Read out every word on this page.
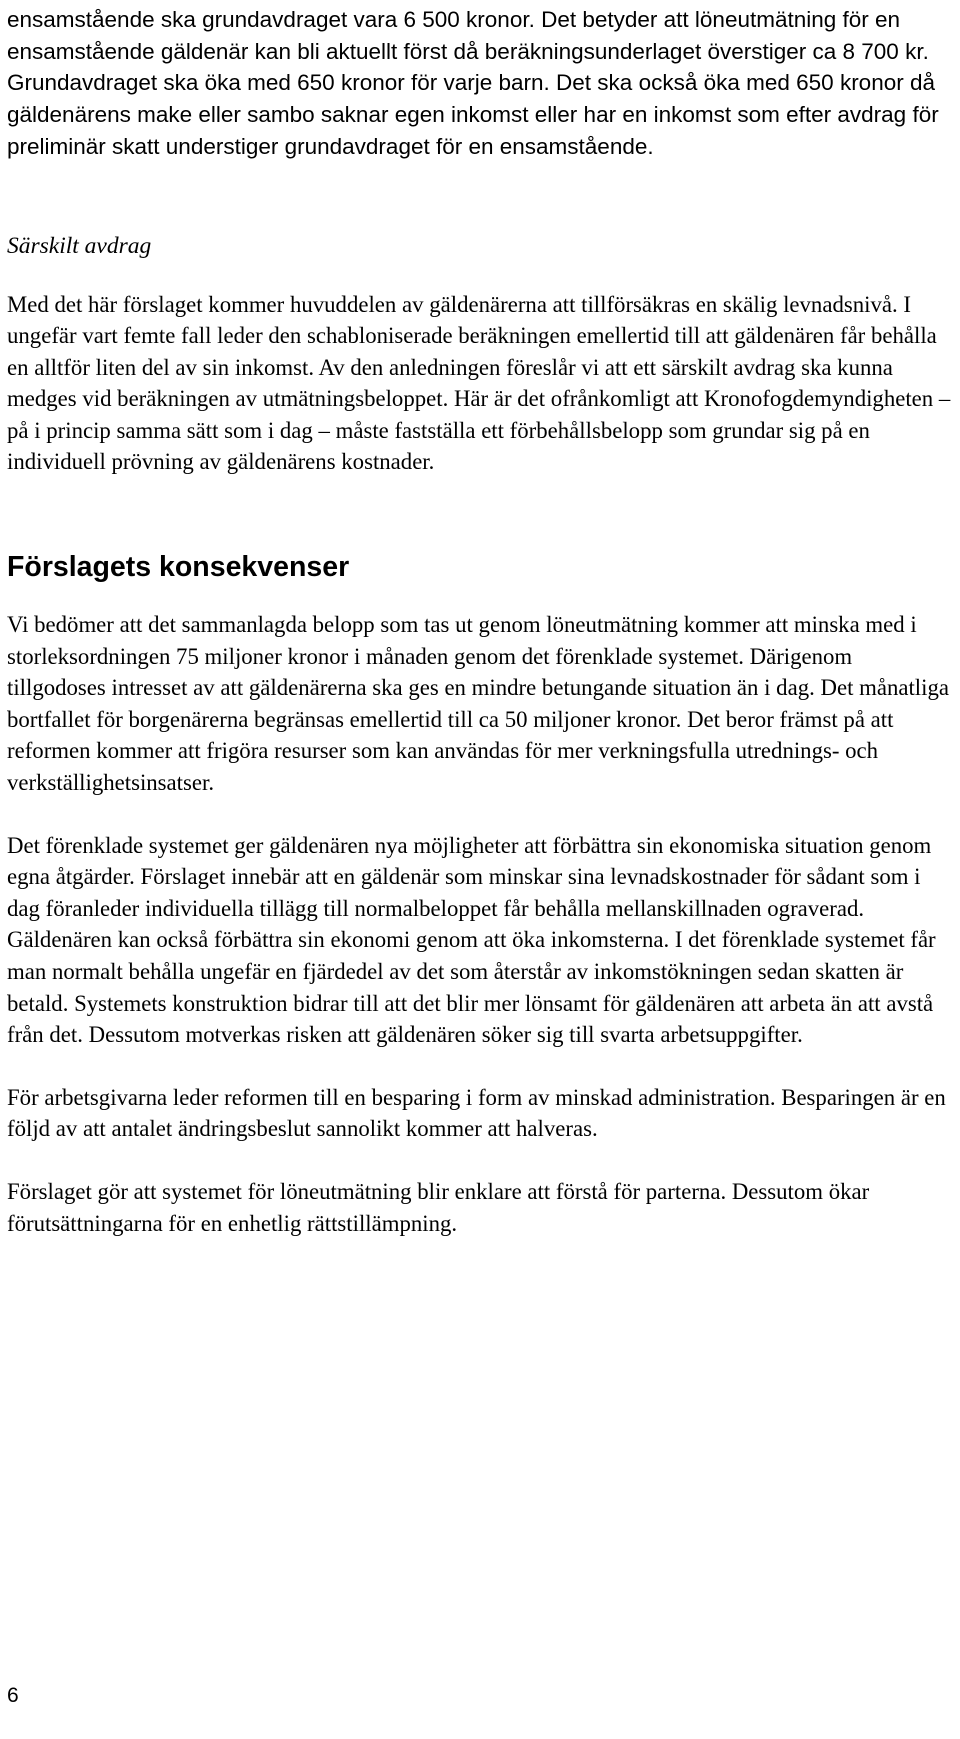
ensamstående ska grundavdraget vara 6 500 kronor. Det betyder att löneutmätning för en ensamstående gäldenär kan bli aktuellt först då beräkningsunderlaget överstiger ca 8 700 kr. Grundavdraget ska öka med 650 kronor för varje barn. Det ska också öka med 650 kronor då gäldenärens make eller sambo saknar egen inkomst eller har en inkomst som efter avdrag för preliminär skatt understiger grundavdraget för en ensamstående.

Särskilt avdrag

Med det här förslaget kommer huvuddelen av gäldenärerna att tillförsäkras en skälig levnadsnivå. I ungefär vart femte fall leder den schabloniserade beräkningen emellertid till att gäldenären får behålla en alltför liten del av sin inkomst. Av den anledningen föreslår vi att ett särskilt avdrag ska kunna medges vid beräkningen av utmätningsbeloppet. Här är det ofrånkomligt att Kronofogdemyndigheten – på i princip samma sätt som i dag – måste fastställa ett förbehållsbelopp som grundar sig på en individuell prövning av gäldenärens kostnader.

Förslagets konsekvenser

Vi bedömer att det sammanlagda belopp som tas ut genom löneutmätning kommer att minska med i storleksordningen 75 miljoner kronor i månaden genom det förenklade systemet. Därigenom tillgodoses intresset av att gäldenärerna ska ges en mindre betungande situation än i dag. Det månatliga bortfallet för borgenärerna begränsas emellertid till ca 50 miljoner kronor. Det beror främst på att reformen kommer att frigöra resurser som kan användas för mer verkningsfulla utrednings- och verkställighetsinsatser.

Det förenklade systemet ger gäldenären nya möjligheter att förbättra sin ekonomiska situation genom egna åtgärder. Förslaget innebär att en gäldenär som minskar sina levnadskostnader för sådant som i dag föranleder individuella tillägg till normalbeloppet får behålla mellanskillnaden ograverad. Gäldenären kan också förbättra sin ekonomi genom att öka inkomsterna. I det förenklade systemet får man normalt behålla ungefär en fjärdedel av det som återstår av inkomstökningen sedan skatten är betald. Systemets konstruktion bidrar till att det blir mer lönsamt för gäldenären att arbeta än att avstå från det. Dessutom motverkas risken att gäldenären söker sig till svarta arbetsuppgifter.

För arbetsgivarna leder reformen till en besparing i form av minskad administration. Besparingen är en följd av att antalet ändringsbeslut sannolikt kommer att halveras.

Förslaget gör att systemet för löneutmätning blir enklare att förstå för parterna. Dessutom ökar förutsättningarna för en enhetlig rättstillämpning.

6
